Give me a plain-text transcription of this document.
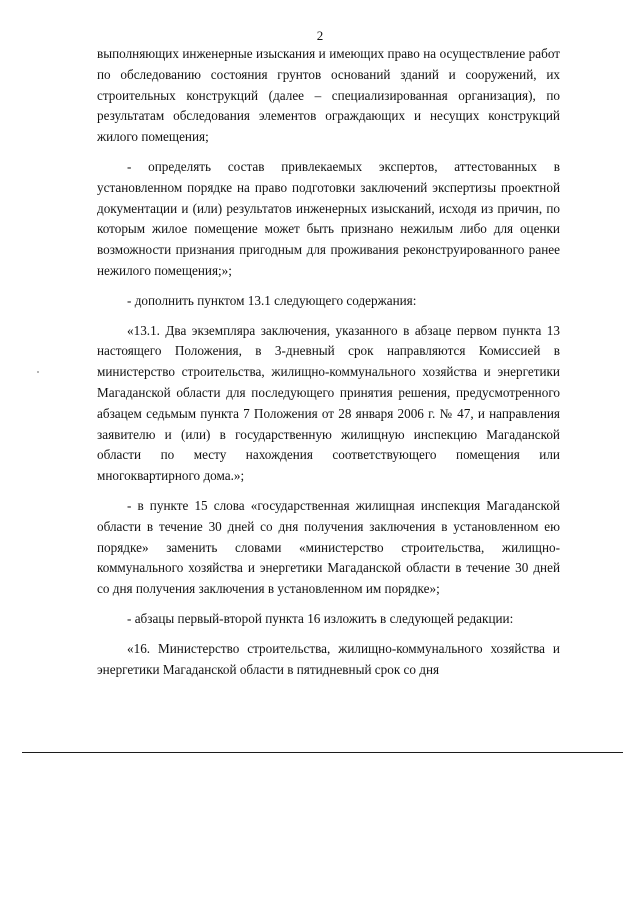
2

выполняющих инженерные изыскания и имеющих право на осуществление работ по обследованию состояния грунтов оснований зданий и сооружений, их строительных конструкций (далее – специализированная организация), по результатам обследования элементов ограждающих и несущих конструкций жилого помещения;

- определять состав привлекаемых экспертов, аттестованных в установленном порядке на право подготовки заключений экспертизы проектной документации и (или) результатов инженерных изысканий, исходя из причин, по которым жилое помещение может быть признано нежилым либо для оценки возможности признания пригодным для проживания реконструированного ранее нежилого помещения;»;

- дополнить пунктом 13.1 следующего содержания:

«13.1. Два экземпляра заключения, указанного в абзаце первом пункта 13 настоящего Положения, в 3-дневный срок направляются Комиссией в министерство строительства, жилищно-коммунального хозяйства и энергетики Магаданской области для последующего принятия решения, предусмотренного абзацем седьмым пункта 7 Положения от 28 января 2006 г. № 47, и направления заявителю и (или) в государственную жилищную инспекцию Магаданской области по месту нахождения соответствующего помещения или многоквартирного дома.»;

- в пункте 15 слова «государственная жилищная инспекция Магаданской области в течение 30 дней со дня получения заключения в установленном ею порядке» заменить словами «министерство строительства, жилищно-коммунального хозяйства и энергетики Магаданской области в течение 30 дней со дня получения заключения в установленном им порядке»;

- абзацы первый-второй пункта 16 изложить в следующей редакции:

«16. Министерство строительства, жилищно-коммунального хозяйства и энергетики Магаданской области в пятидневный срок со дня
